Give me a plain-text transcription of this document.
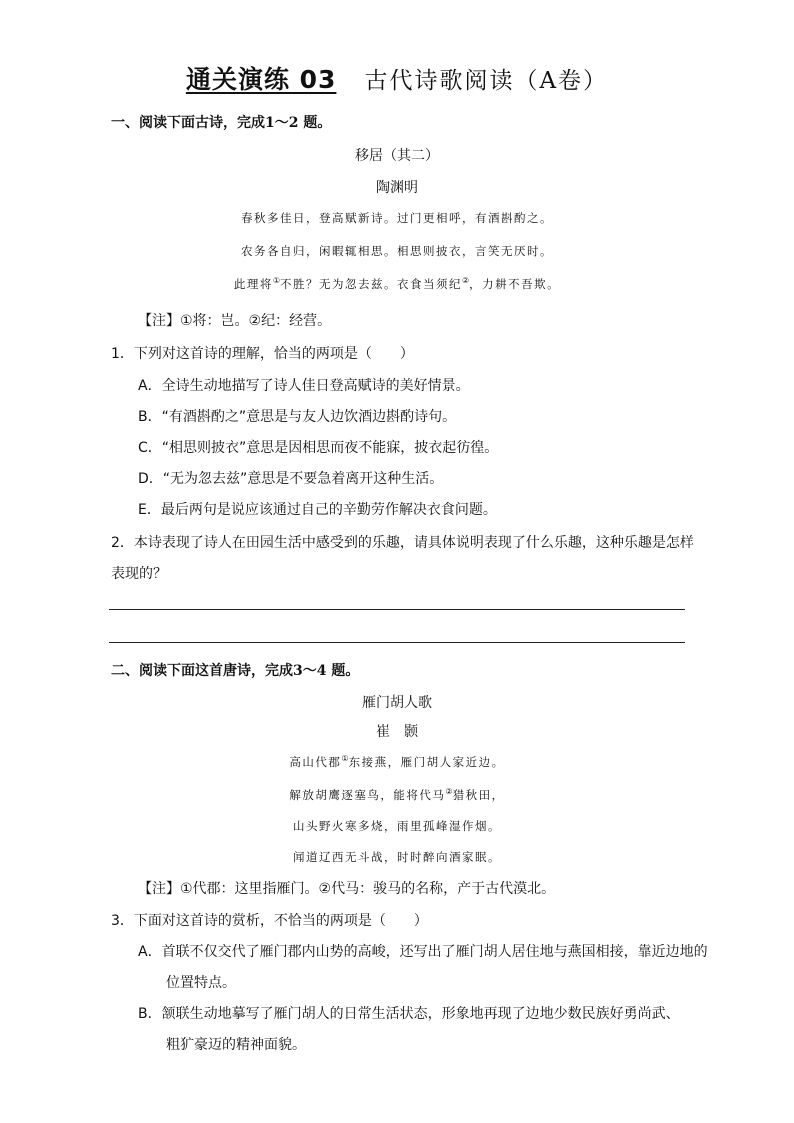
通关演练 03 古代诗歌阅读（A卷）
一、阅读下面古诗，完成1～2 题。
移居（其二）
陶渊明
春秋多佳日，登高赋新诗。过门更相呼，有酒斟酌之。
农务各自归，闲暇辄相思。相思则披衣，言笑无厌时。
此理将①不胜？无为忽去兹。衣食当须纪②，力耕不吾欺。
【注】①将：岂。②纪：经营。
1．下列对这首诗的理解，恰当的两项是（　　）
A．全诗生动地描写了诗人佳日登高赋诗的美好情景。
B．“有酒斟酌之”意思是与友人边饮酒边斟酌诗句。
C．“相思则披衣”意思是因相思而夜不能寐，披衣起彷徨。
D．“无为忽去兹”意思是不要急着离开这种生活。
E．最后两句是说应该通过自己的辛勤劳作解决衣食问题。
2．本诗表现了诗人在田园生活中感受到的乐趣，请具体说明表现了什么乐趣，这种乐趣是怎样
表现的？
二、阅读下面这首唐诗，完成3～4 题。
雁门胡人歌
崔　颢
高山代郡①东接燕，雁门胡人家近边。
解放胡鹰逐塞鸟，能将代马②猎秋田，
山头野火寒多烧，雨里孤峰湿作烟。
闻道辽西无斗战，时时醉向酒家眠。
【注】①代郡：这里指雁门。②代马：骏马的名称，产于古代漠北。
3．下面对这首诗的赏析，不恰当的两项是（　　）
A．首联不仅交代了雁门郡内山势的高峻，还写出了雁门胡人居住地与燕国相接，靠近边地的
位置特点。
B．颔联生动地摹写了雁门胡人的日常生活状态，形象地再现了边地少数民族好勇尚武、
粗犷豪迈的精神面貌。
